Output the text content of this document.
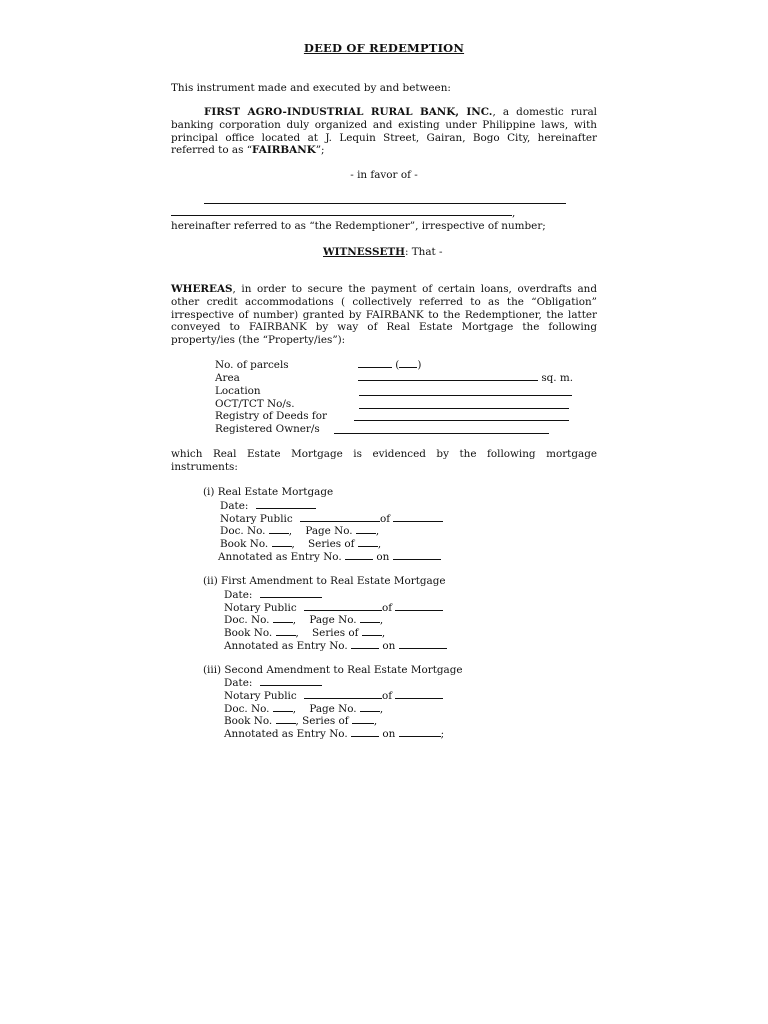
DEED OF REDEMPTION
This instrument made and executed by and between:
FIRST AGRO-INDUSTRIAL RURAL BANK, INC., a domestic rural banking corporation duly organized and existing under Philippine laws, with principal office located at J. Lequin Street, Gairan, Bogo City, hereinafter referred to as “FAIRBANK”;
- in favor of -
,
hereinafter referred to as “the Redemptioner”, irrespective of number;
WITNESSETH: That -
WHEREAS, in order to secure the payment of certain loans, overdrafts and other credit accommodations ( collectively referred to as the “Obligation” irrespective of number) granted by FAIRBANK to the Redemptioner, the latter conveyed to FAIRBANK by way of Real Estate Mortgage the following property/ies (the “Property/ies”):
No. of parcels	( )
Area	sq. m.
Location
OCT/TCT No/s.
Registry of Deeds for
Registered Owner/s
which Real Estate Mortgage is evidenced by the following mortgage instruments:
(i) Real Estate Mortgage
Date:
Notary Public	of
Doc. No. ,    Page No. ,
Book No. ,    Series of ,
Annotated as Entry No.	on
(ii) First Amendment to Real Estate Mortgage
Date:
Notary Public	of
Doc. No. ,    Page No. ,
Book No. ,    Series of ,
Annotated as Entry No.	on
(iii) Second Amendment to Real Estate Mortgage
Date:
Notary Public	of
Doc. No. ,    Page No. ,
Book No. , Series of ,
Annotated as Entry No.	on	;
